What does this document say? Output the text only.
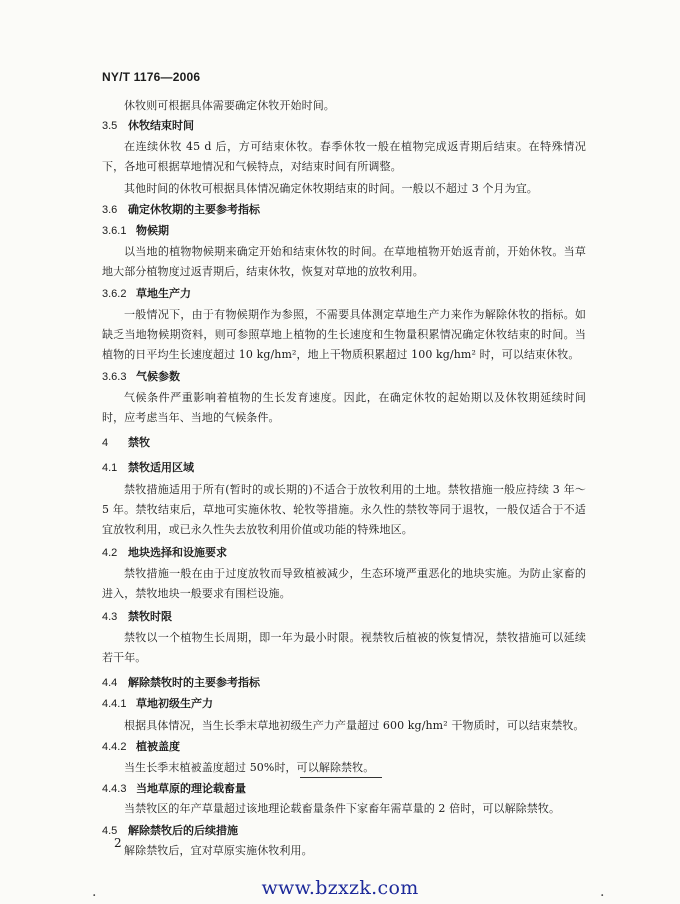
NY/T 1176—2006
休牧则可根据具体需要确定休牧开始时间。
3.5 休牧结束时间
在连续休牧 45 d 后，方可结束休牧。春季休牧一般在植物完成返青期后结束。在特殊情况下，各地可根据草地情况和气候特点，对结束时间有所调整。
其他时间的休牧可根据具体情况确定休牧期结束的时间。一般以不超过 3 个月为宜。
3.6 确定休牧期的主要参考指标
3.6.1 物候期
以当地的植物物候期来确定开始和结束休牧的时间。在草地植物开始返青前，开始休牧。当草地大部分植物度过返青期后，结束休牧，恢复对草地的放牧利用。
3.6.2 草地生产力
一般情况下，由于有物候期作为参照，不需要具体测定草地生产力来作为解除休牧的指标。如缺乏当地物候期资料，则可参照草地上植物的生长速度和生物量积累情况确定休牧结束的时间。当植物的日平均生长速度超过 10 kg/hm²，地上干物质积累超过 100 kg/hm² 时，可以结束休牧。
3.6.3 气候参数
气候条件严重影响着植物的生长发育速度。因此，在确定休牧的起始期以及休牧期延续时间时，应考虑当年、当地的气候条件。
4 禁牧
4.1 禁牧适用区域
禁牧措施适用于所有(暂时的或长期的)不适合于放牧利用的土地。禁牧措施一般应持续 3 年～5 年。禁牧结束后，草地可实施休牧、轮牧等措施。永久性的禁牧等同于退牧，一般仅适合于不适宜放牧利用，或已永久性失去放牧利用价值或功能的特殊地区。
4.2 地块选择和设施要求
禁牧措施一般在由于过度放牧而导致植被减少，生态环境严重恶化的地块实施。为防止家畜的进入，禁牧地块一般要求有围栏设施。
4.3 禁牧时限
禁牧以一个植物生长周期，即一年为最小时限。视禁牧后植被的恢复情况，禁牧措施可以延续若干年。
4.4 解除禁牧时的主要参考指标
4.4.1 草地初级生产力
根据具体情况，当生长季末草地初级生产力产量超过 600 kg/hm² 干物质时，可以结束禁牧。
4.4.2 植被盖度
当生长季末植被盖度超过 50%时，可以解除禁牧。
4.4.3 当地草原的理论载畜量
当禁牧区的年产草量超过该地理论载畜量条件下家畜年需草量的 2 倍时，可以解除禁牧。
4.5 解除禁牧后的后续措施
解除禁牧后，宜对草原实施休牧利用。
2
.	www.bzxzk.com	.
